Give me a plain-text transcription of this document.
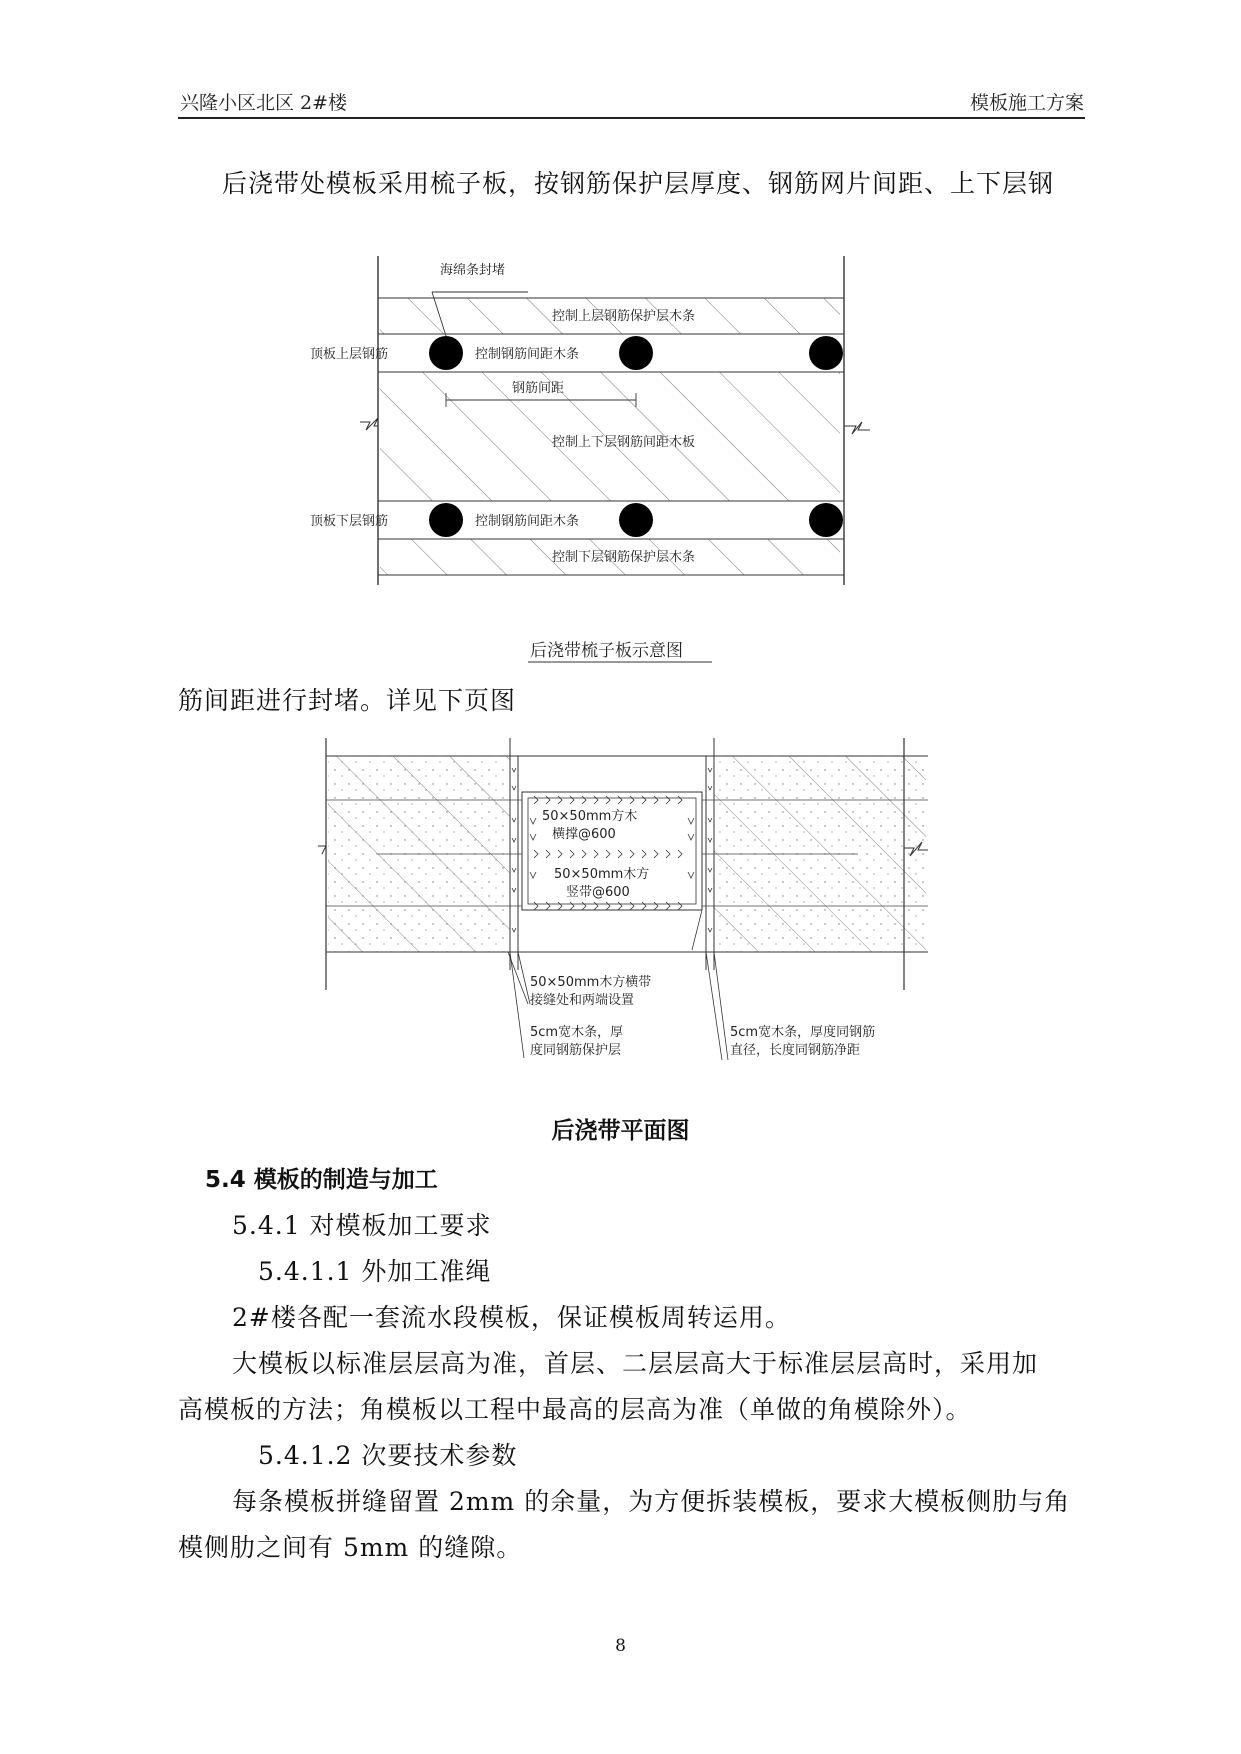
兴隆小区北区 2#楼	模板施工方案
后浇带处模板采用梳子板，按钢筋保护层厚度、钢筋网片间距、上下层钢
海绵条封堵
控制上层钢筋保护层木条
顶板上层钢筋	控制钢筋间距木条
钢筋间距
控制上下层钢筋间距木板
顶板下层钢筋	控制钢筋间距木条
控制下层钢筋保护层木条
后浇带梳子板示意图
筋间距进行封堵。详见下页图
50×50mm方木
横撑@600
50×50mm木方
竖带@600
50×50mm木方横带
接缝处和两端设置
5cm宽木条，厚
度同钢筋保护层
5cm宽木条，厚度同钢筋
直径，长度同钢筋净距
后浇带平面图
5.4 模板的制造与加工
5.4.1 对模板加工要求
5.4.1.1 外加工准绳
2#楼各配一套流水段模板，保证模板周转运用。
大模板以标准层层高为准，首层、二层层高大于标准层层高时，采用加
高模板的方法；角模板以工程中最高的层高为准（单做的角模除外）。
5.4.1.2 次要技术参数
每条模板拼缝留置 2mm 的余量，为方便拆装模板，要求大模板侧肋与角
模侧肋之间有 5mm 的缝隙。
8
